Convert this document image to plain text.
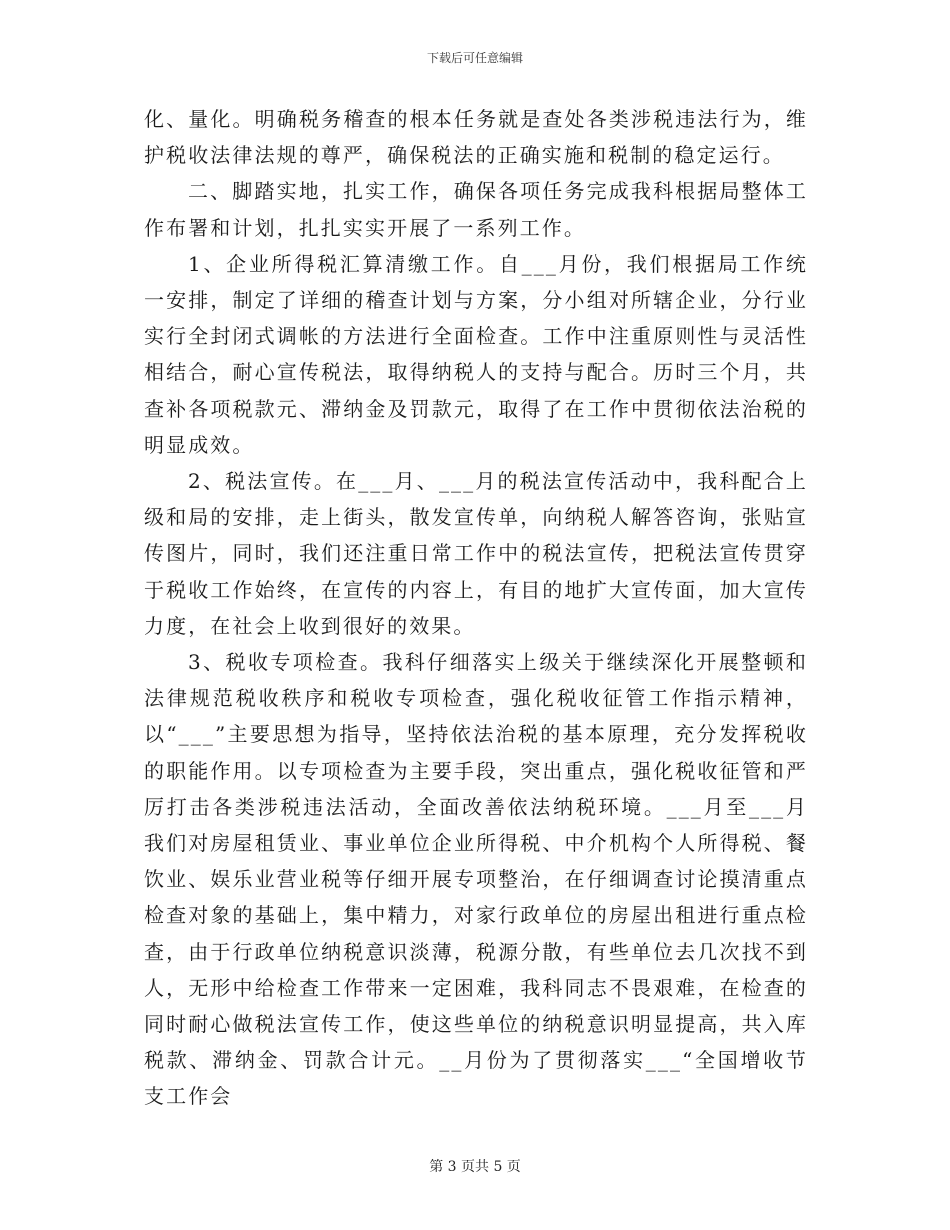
下载后可任意编辑

化、量化。明确税务稽查的根本任务就是查处各类涉税违法行为，维护税收法律法规的尊严，确保税法的正确实施和税制的稳定运行。

二、脚踏实地，扎实工作，确保各项任务完成我科根据局整体工作布署和计划，扎扎实实开展了一系列工作。

1、企业所得税汇算清缴工作。自___月份，我们根据局工作统一安排，制定了详细的稽查计划与方案，分小组对所辖企业，分行业实行全封闭式调帐的方法进行全面检查。工作中注重原则性与灵活性相结合，耐心宣传税法，取得纳税人的支持与配合。历时三个月，共查补各项税款元、滞纳金及罚款元，取得了在工作中贯彻依法治税的明显成效。

2、税法宣传。在___月、___月的税法宣传活动中，我科配合上级和局的安排，走上街头，散发宣传单，向纳税人解答咨询，张贴宣传图片，同时，我们还注重日常工作中的税法宣传，把税法宣传贯穿于税收工作始终，在宣传的内容上，有目的地扩大宣传面，加大宣传力度，在社会上收到很好的效果。

3、税收专项检查。我科仔细落实上级关于继续深化开展整顿和法律规范税收秩序和税收专项检查，强化税收征管工作指示精神，以“___”主要思想为指导，坚持依法治税的基本原理，充分发挥税收的职能作用。以专项检查为主要手段，突出重点，强化税收征管和严厉打击各类涉税违法活动，全面改善依法纳税环境。___月至___月我们对房屋租赁业、事业单位企业所得税、中介机构个人所得税、餐饮业、娱乐业营业税等仔细开展专项整治，在仔细调查讨论摸清重点检查对象的基础上，集中精力，对家行政单位的房屋出租进行重点检查，由于行政单位纳税意识淡薄，税源分散，有些单位去几次找不到人，无形中给检查工作带来一定困难，我科同志不畏艰难，在检查的同时耐心做税法宣传工作，使这些单位的纳税意识明显提高，共入库税款、滞纳金、罚款合计元。__月份为了贯彻落实___“全国增收节支工作会

第 3 页共 5 页
